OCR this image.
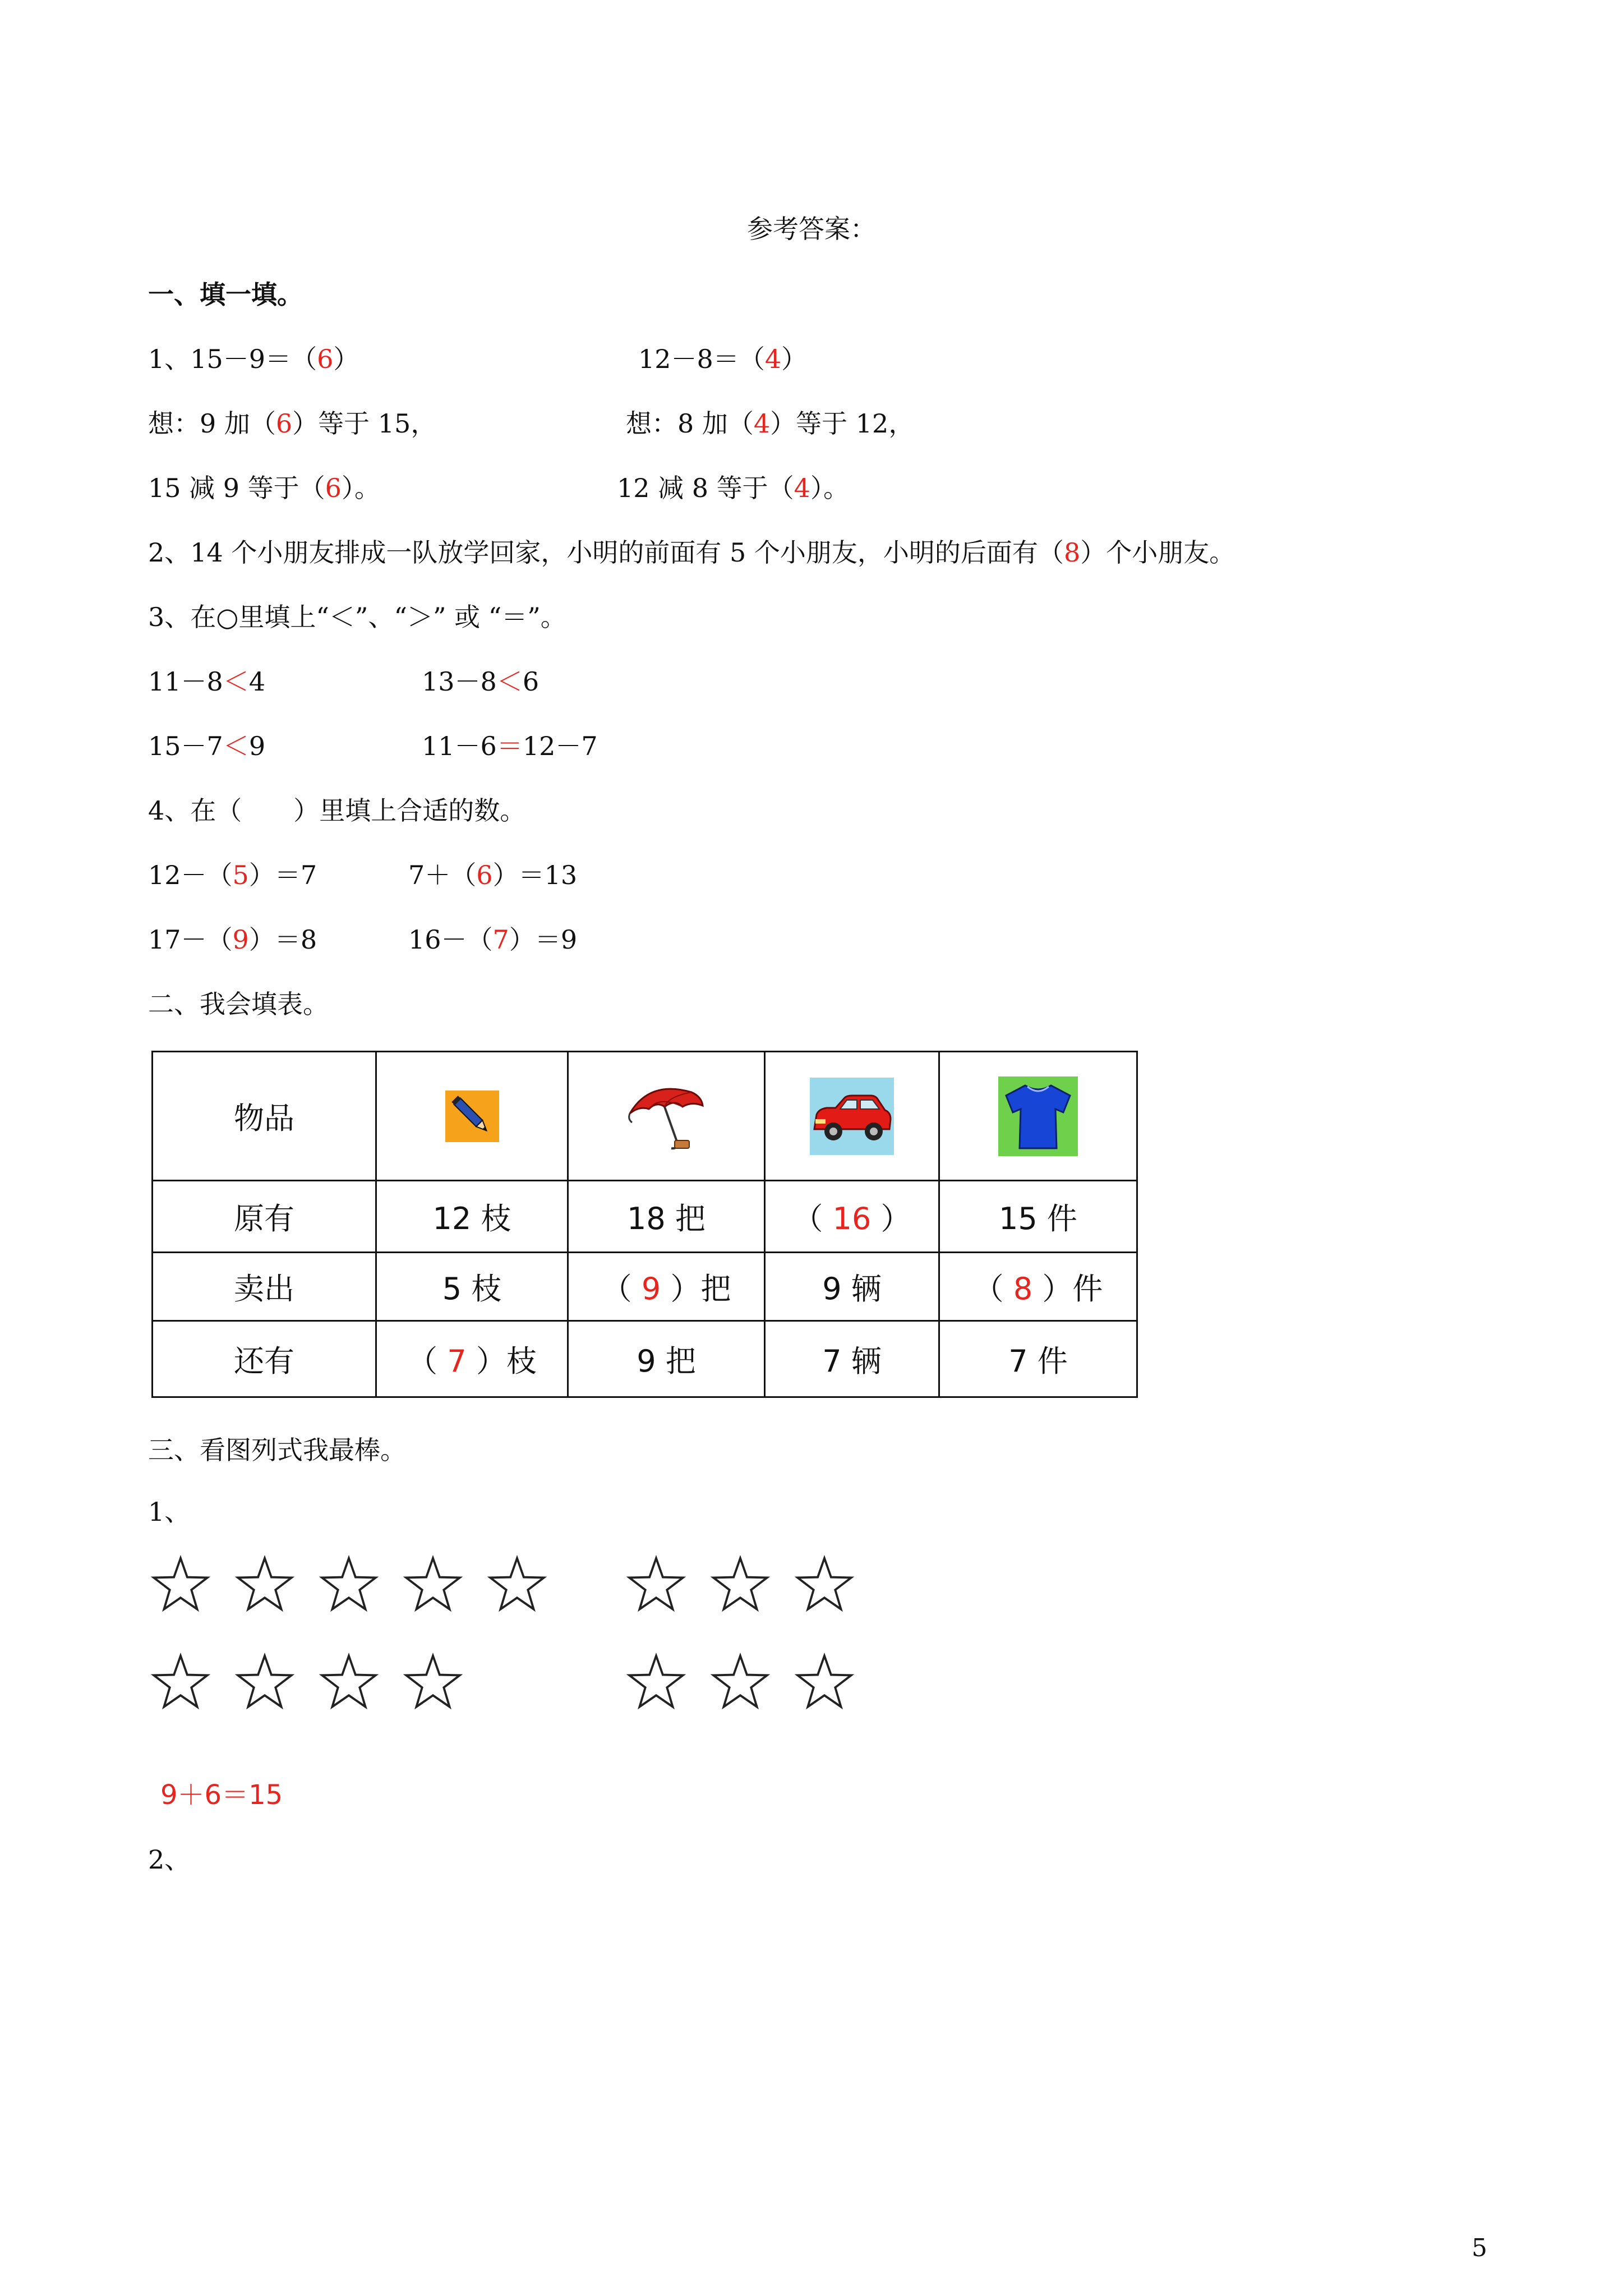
参考答案：
一、填一填。
1、15－9＝（6）	12－8＝（4）
想：9 加（6）等于 15，	想：8 加（4）等于 12，
15 减 9 等于（6）。	12 减 8 等于（4）。
2、14 个小朋友排成一队放学回家，小明的前面有 5 个小朋友，小明的后面有（8）个小朋友。
3、在○里填上“＜”、“＞” 或 “＝”。
11－8＜4	13－8＜6
15－7＜9	11－6＝12－7
4、在（　　）里填上合适的数。
12－（5）＝7	7＋（6）＝13
17－（9）＝8	16－（7）＝9
二、我会填表。
物品				
原有	12 枝	18 把	（ 16 ）	15 件
卖出	5 枝	（ 9 ）把	9 辆	（ 8 ）件
还有	（ 7 ）枝	9 把	7 辆	7 件
三、看图列式我最棒。
1、
9＋6＝15
2、
5
